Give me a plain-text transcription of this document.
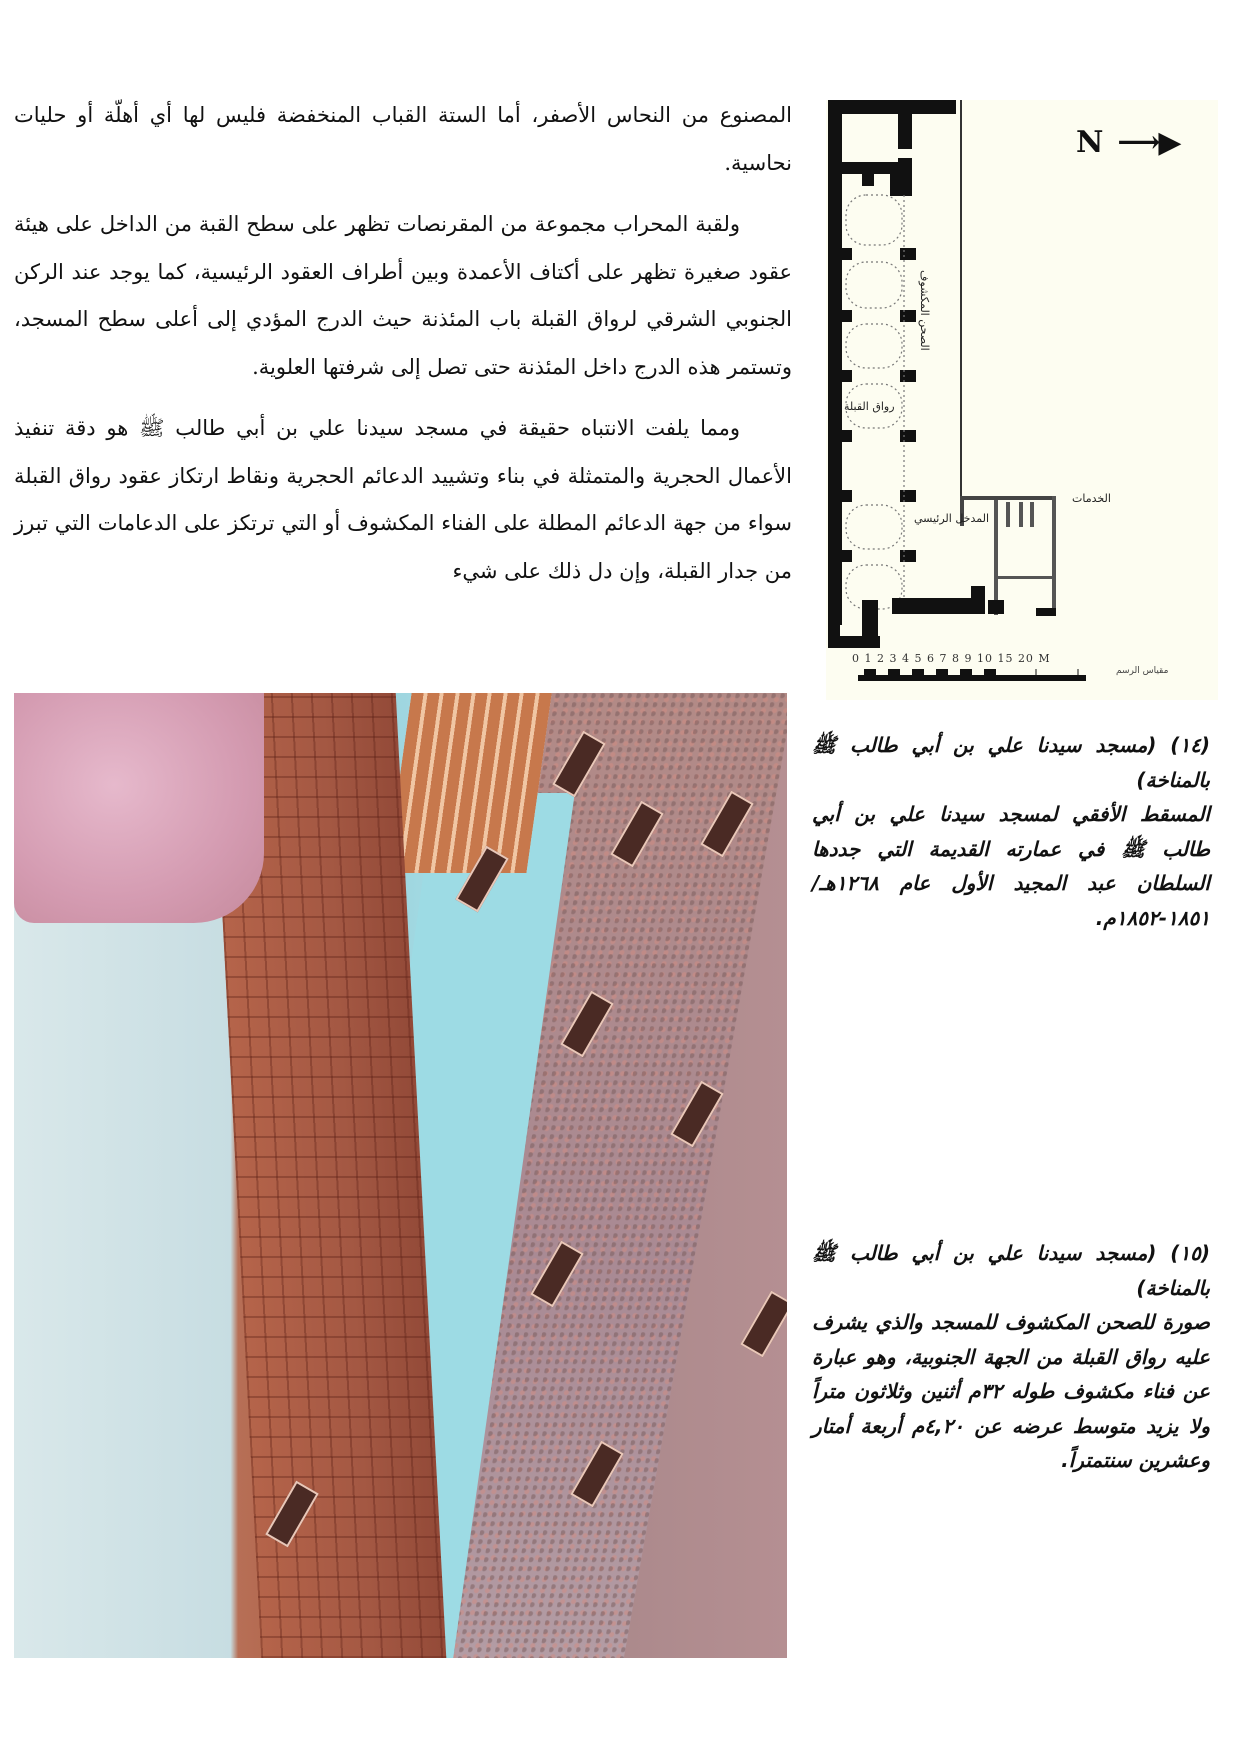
المصنوع من النحاس الأصفر، أما الستة القباب المنخفضة فليس لها أي أهلّة أو حليات نحاسية.

ولقبة المحراب مجموعة من المقرنصات تظهر على سطح القبة من الداخل على هيئة عقود صغيرة تظهر على أكتاف الأعمدة وبين أطراف العقود الرئيسية، كما يوجد عند الركن الجنوبي الشرقي لرواق القبلة باب المئذنة حيث الدرج المؤدي إلى أعلى سطح المسجد، وتستمر هذه الدرج داخل المئذنة حتى تصل إلى شرفتها العلوية.

ومما يلفت الانتباه حقيقة في مسجد سيدنا علي بن أبي طالب ﷺ هو دقة تنفيذ الأعمال الحجرية والمتمثلة في بناء وتشييد الدعائم الحجرية ونقاط ارتكاز عقود رواق القبلة سواء من جهة الدعائم المطلة على الفناء المكشوف أو التي ترتكز على الدعامات التي تبرز من جدار القبلة، وإن دل ذلك على شيء

N ⟶▶
الصحن المكشوف
رواق القبلة
المدخل الرئيسي
الخدمات
0 1 2 3 4 5 6 7 8 9 10 15 20 M
مقياس الرسم
(١٤) (مسجد سيدنا علي بن أبي طالب ﷺ بالمناخة)
المسقط الأفقي لمسجد سيدنا علي بن أبي طالب ﷺ في عمارته القديمة التي جددها السلطان عبد المجيد الأول عام ١٢٦٨هـ/١٨٥١-١٨٥٢م.
(١٥) (مسجد سيدنا علي بن أبي طالب ﷺ بالمناخة)
صورة للصحن المكشوف للمسجد والذي يشرف عليه رواق القبلة من الجهة الجنوبية، وهو عبارة عن فناء مكشوف طوله ٣٢م أثنين وثلاثون متراً ولا يزيد متوسط عرضه عن ٤,٢٠م أربعة أمتار وعشرين سنتمتراً.
